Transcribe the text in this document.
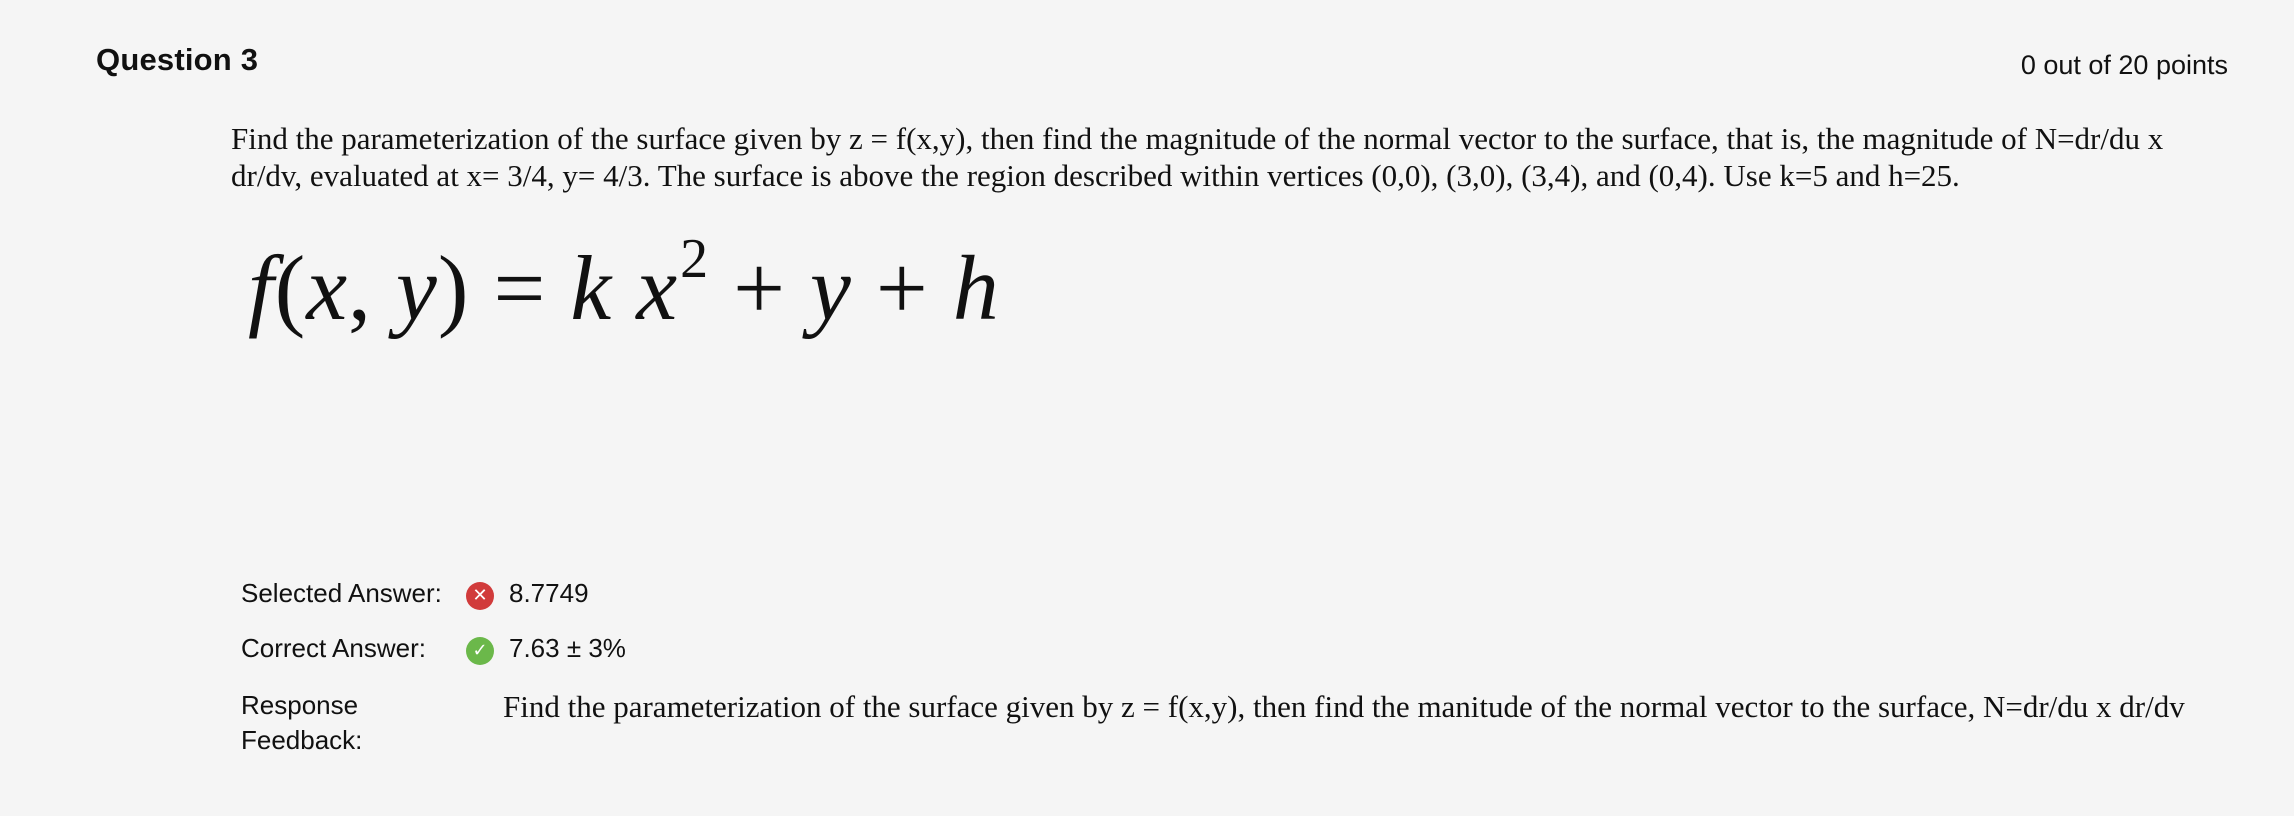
Question 3	0 out of 20 points
Find the parameterization of the surface given by z = f(x,y), then find the magnitude of the normal vector to the surface, that is, the magnitude of N=dr/du x dr/dv, evaluated at x= 3/4, y= 4/3. The surface is above the region described within vertices (0,0), (3,0), (3,4), and (0,4). Use k=5 and h=25.
f(x, y) = k $x^2 + y + h$
Selected Answer:	✕ 8.7749
Correct Answer:	✓ 7.63 ± 3%
Response
Feedback:
Find the parameterization of the surface given by z = f(x,y), then find the manitude of the normal vector to the surface, N=dr/du x dr/dv
